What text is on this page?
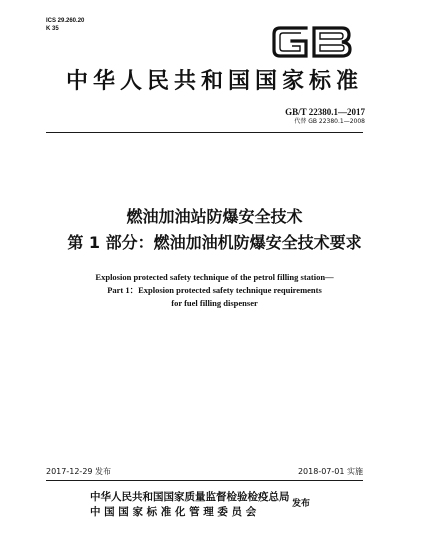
ICS 29.260.20
K 35
中华人民共和国国家标准
GB/T 22380.1—2017
代替 GB 22380.1—2008
燃油加油站防爆安全技术
第 1 部分：燃油加油机防爆安全技术要求
Explosion protected safety technique of the petrol filling station—
Part 1：Explosion protected safety technique requirements
for fuel filling dispenser
2017-12-29 发布	2018-07-01 实施
中华人民共和国国家质量监督检验检疫总局
中 国 国 家 标 准 化 管 理 委 员 会
发布
